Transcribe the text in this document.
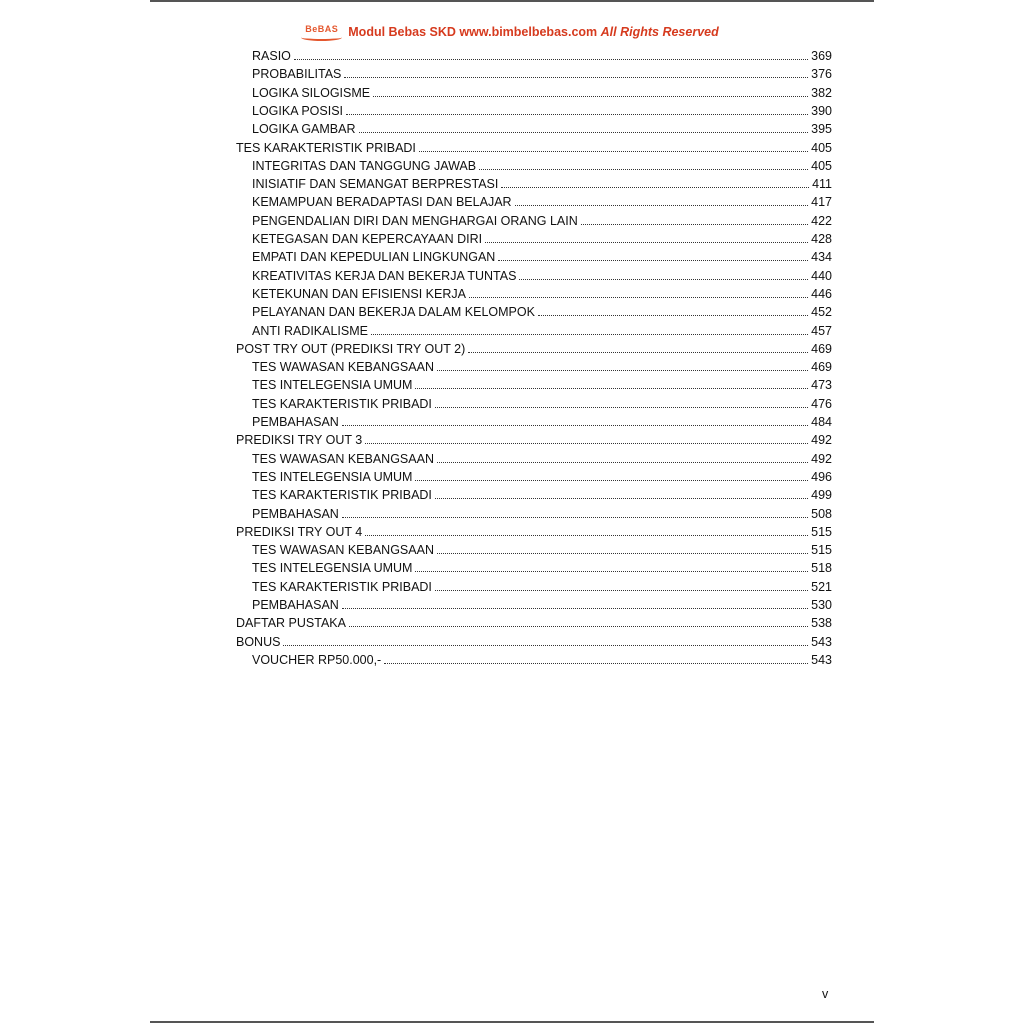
BeBAS Modul Bebas SKD www.bimbelbebas.com All Rights Reserved
RASIO	369
PROBABILITAS	376
LOGIKA SILOGISME	382
LOGIKA POSISI	390
LOGIKA GAMBAR	395
TES KARAKTERISTIK PRIBADI	405
INTEGRITAS DAN TANGGUNG JAWAB	405
INISIATIF DAN SEMANGAT BERPRESTASI	411
KEMAMPUAN BERADAPTASI DAN BELAJAR	417
PENGENDALIAN DIRI DAN MENGHARGAI ORANG LAIN	422
KETEGASAN DAN KEPERCAYAAN DIRI	428
EMPATI DAN KEPEDULIAN LINGKUNGAN	434
KREATIVITAS KERJA DAN BEKERJA TUNTAS	440
KETEKUNAN DAN EFISIENSI KERJA	446
PELAYANAN DAN BEKERJA DALAM KELOMPOK	452
ANTI RADIKALISME	457
POST TRY OUT (PREDIKSI TRY OUT 2)	469
TES WAWASAN KEBANGSAAN	469
TES INTELEGENSIA UMUM	473
TES KARAKTERISTIK PRIBADI	476
PEMBAHASAN	484
PREDIKSI TRY OUT 3	492
TES WAWASAN KEBANGSAAN	492
TES INTELEGENSIA UMUM	496
TES KARAKTERISTIK PRIBADI	499
PEMBAHASAN	508
PREDIKSI TRY OUT 4	515
TES WAWASAN KEBANGSAAN	515
TES INTELEGENSIA UMUM	518
TES KARAKTERISTIK PRIBADI	521
PEMBAHASAN	530
DAFTAR PUSTAKA	538
BONUS	543
VOUCHER RP50.000,-	543
v
